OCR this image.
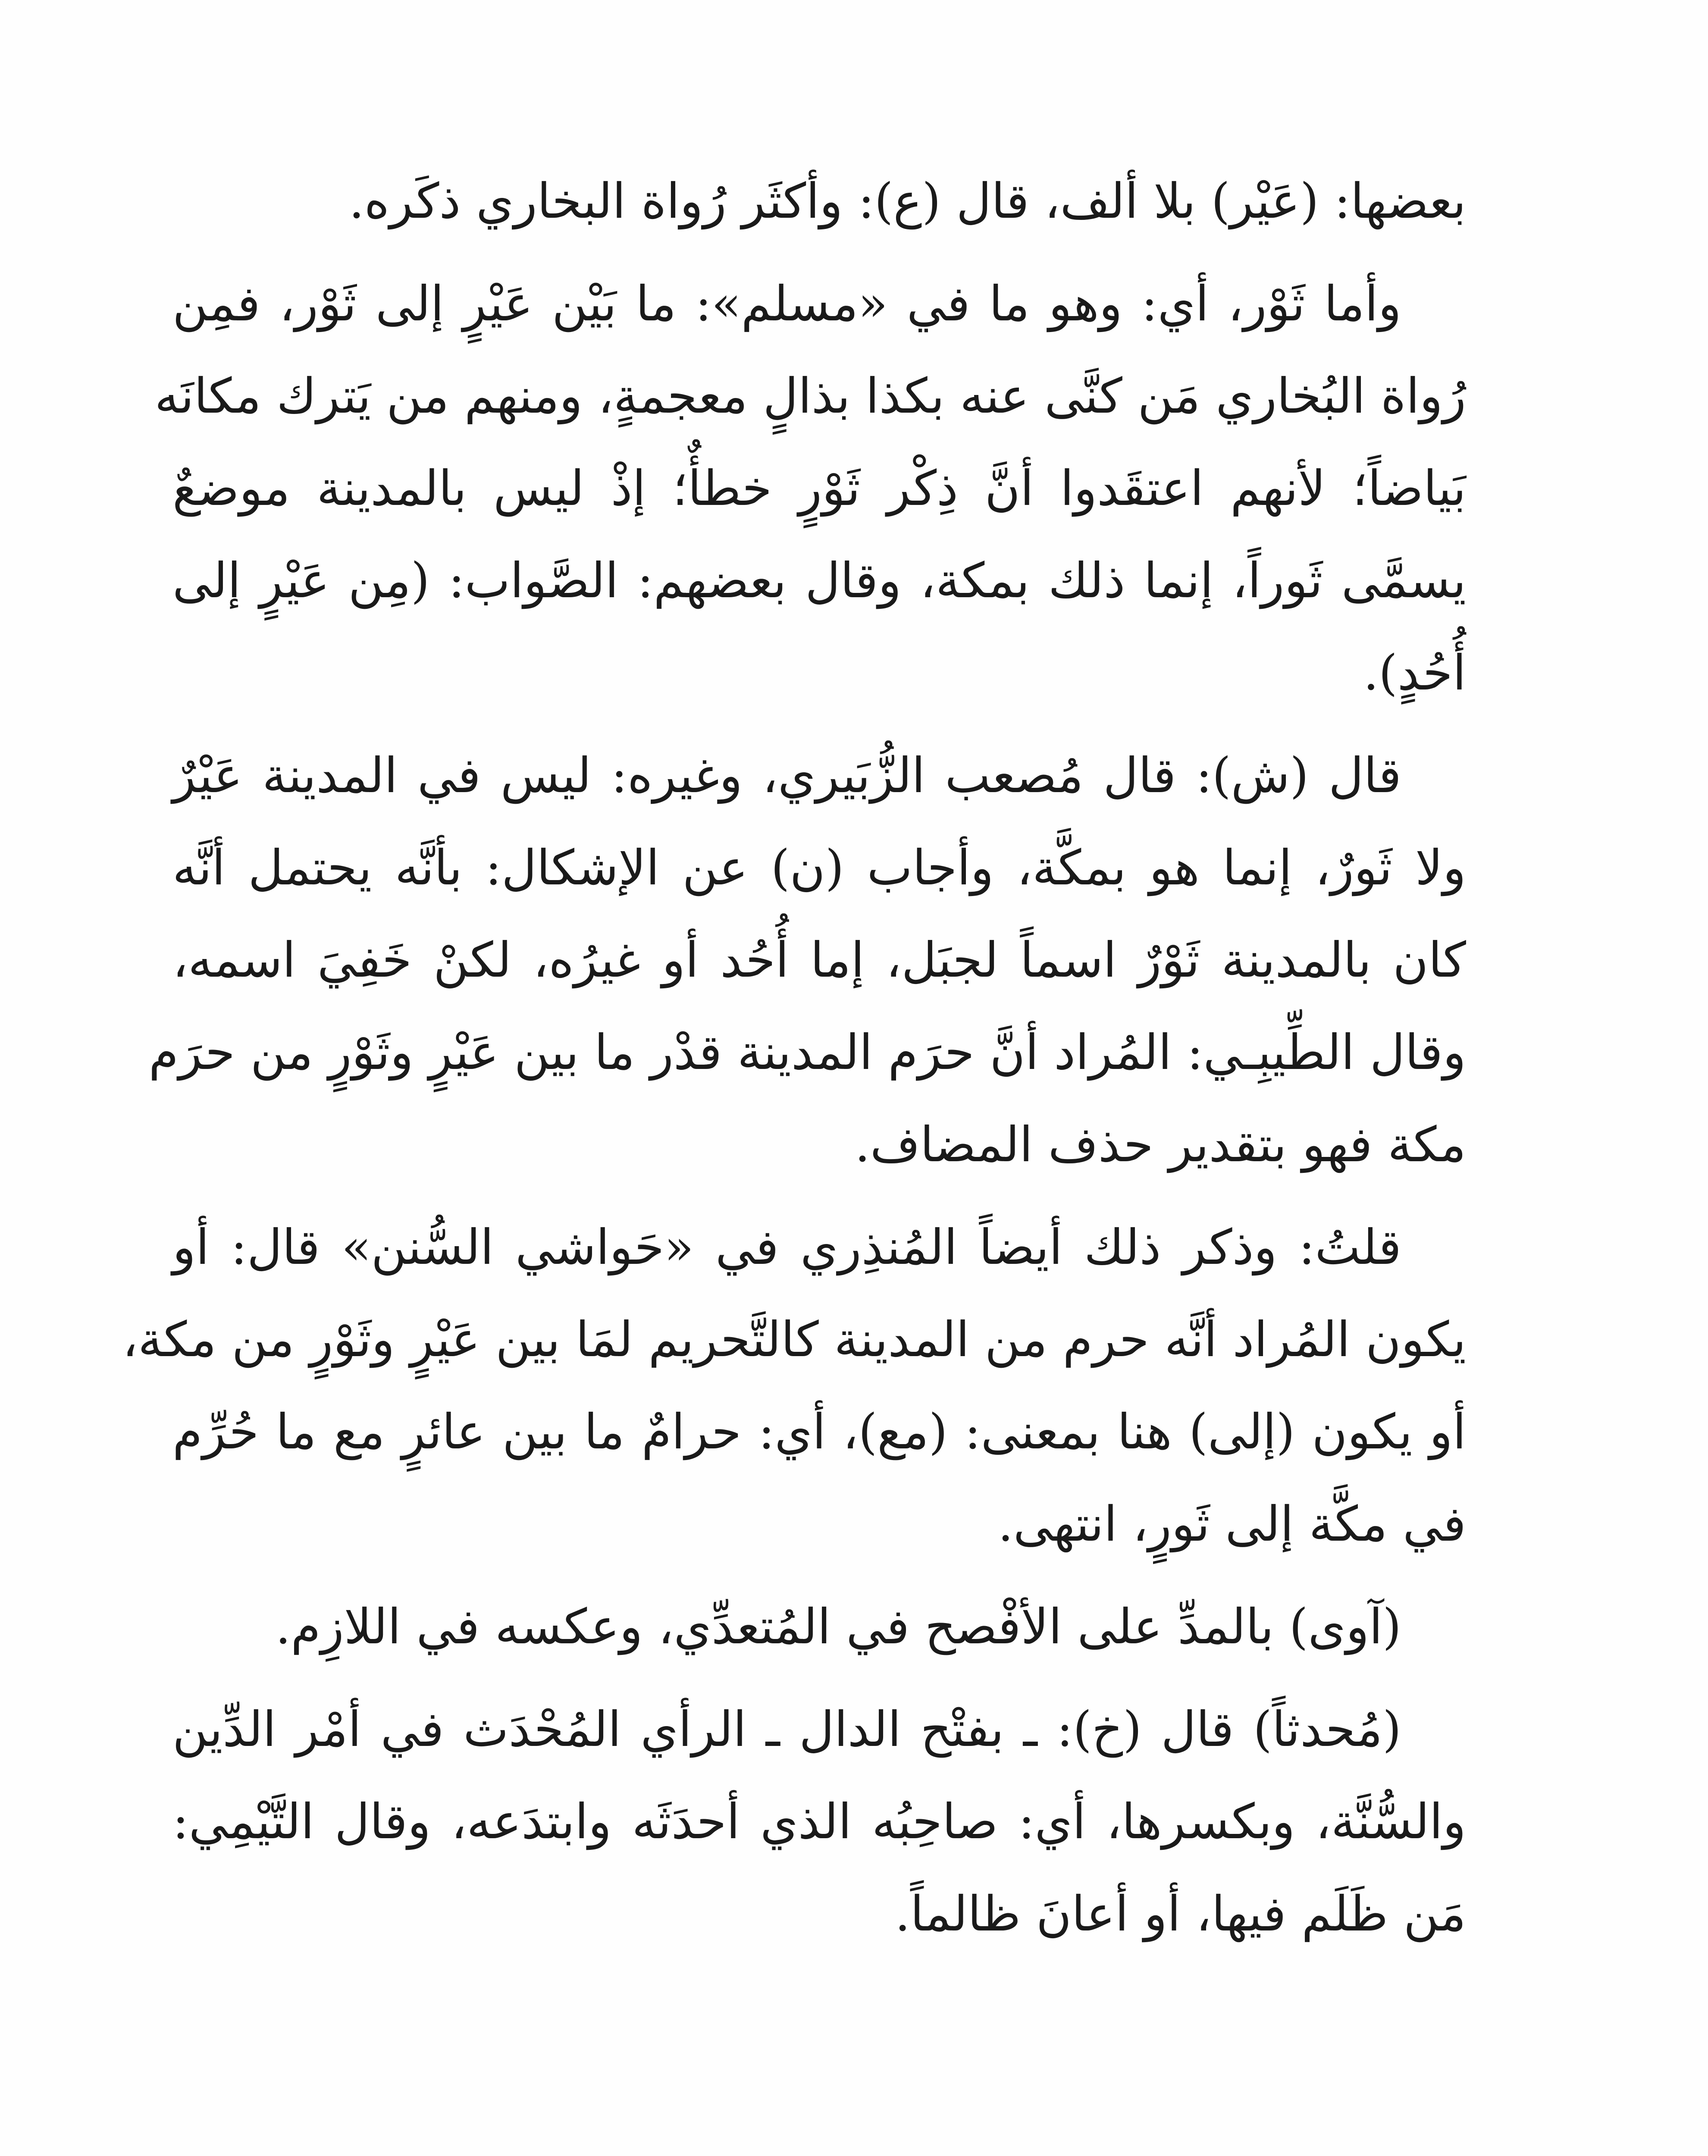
بعضها: (عَيْر) بلا ألف، قال (ع): وأكثَر رُواة البخاري ذكَره.

وأما ثَوْر، أي: وهو ما في «مسلم»: ما بَيْن عَيْرٍ إلى ثَوْر، فمِن
رُواة البُخاري مَن كنَّى عنه بكذا بذالٍ معجمةٍ، ومنهم من يَترك مكانَه
بَياضاً؛ لأنهم اعتقَدوا أنَّ ذِكْر ثَوْرٍ خطأٌ؛ إذْ ليس بالمدينة موضعٌ
يسمَّى ثَوراً، إنما ذلك بمكة، وقال بعضهم: الصَّواب: (مِن عَيْرٍ إلى
أُحُدٍ).

قال (ش): قال مُصعب الزُّبَيري، وغيره: ليس في المدينة عَيْرٌ
ولا ثَورٌ، إنما هو بمكَّة، وأجاب (ن) عن الإشكال: بأنَّه يحتمل أنَّه
كان بالمدينة ثَوْرٌ اسماً لجبَل، إما أُحُد أو غيرُه، لكنْ خَفِيَ اسمه،
وقال الطِّيبِـي: المُراد أنَّ حرَم المدينة قدْر ما بين عَيْرٍ وثَوْرٍ من حرَم
مكة فهو بتقدير حذف المضاف.

قلتُ: وذكر ذلك أيضاً المُنذِري في «حَواشي السُّنن» قال: أو
يكون المُراد أنَّه حرم من المدينة كالتَّحريم لمَا بين عَيْرٍ وثَوْرٍ من مكة،
أو يكون (إلى) هنا بمعنى: (مع)، أي: حرامٌ ما بين عائرٍ مع ما حُرِّم
في مكَّة إلى ثَورٍ، انتهى.

(آوى) بالمدِّ على الأفْصح في المُتعدِّي، وعكسه في اللازِم.

(مُحدثاً) قال (خ): ـ بفتْح الدال ـ الرأي المُحْدَث في أمْر الدِّين
والسُّنَّة، وبكسرها، أي: صاحِبُه الذي أحدَثَه وابتدَعه، وقال التَّيْمِي:
مَن ظَلَم فيها، أو أعانَ ظالماً.
